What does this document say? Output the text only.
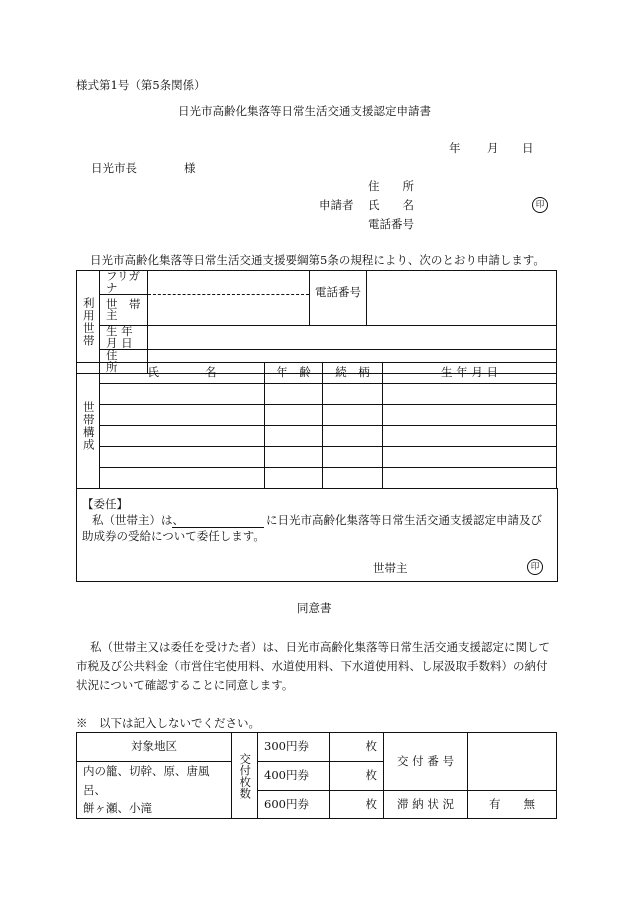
様式第1号（第5条関係）
日光市高齢化集落等日常生活交通支援認定申請書
年 月 日
日光市長	様
住　　所
申請者 氏　　名	印
電話番号
日光市高齢化集落等日常生活交通支援要綱第5条の規程により、次のとおり申請します。
利用世帯	フリガナ		電話番号	
	世　帯　主			
	生 年 月 日			
	住　　　所			
世帯構成	氏　　　　名	年　齢	続　柄	生 年 月 日

【委任】
私（世帯主）は、	に日光市高齢化集落等日常生活交通支援認定申請及び
助成券の受給について委任します。
世帯主	印
同意書
私（世帯主又は委任を受けた者）は、日光市高齢化集落等日常生活交通支援認定に関して
市税及び公共料金（市営住宅使用料、水道使用料、下水道使用料、し尿汲取手数料）の納付
状況について確認することに同意します。
※　以下は記入しないでください。
対象地区	交付枚数	300円券	枚	交 付 番 号	
内の籠、切幹、原、唐風呂、
餅ヶ瀬、小滝		400円券	枚		
		600円券	枚	滞 納 状 況	有　　無
